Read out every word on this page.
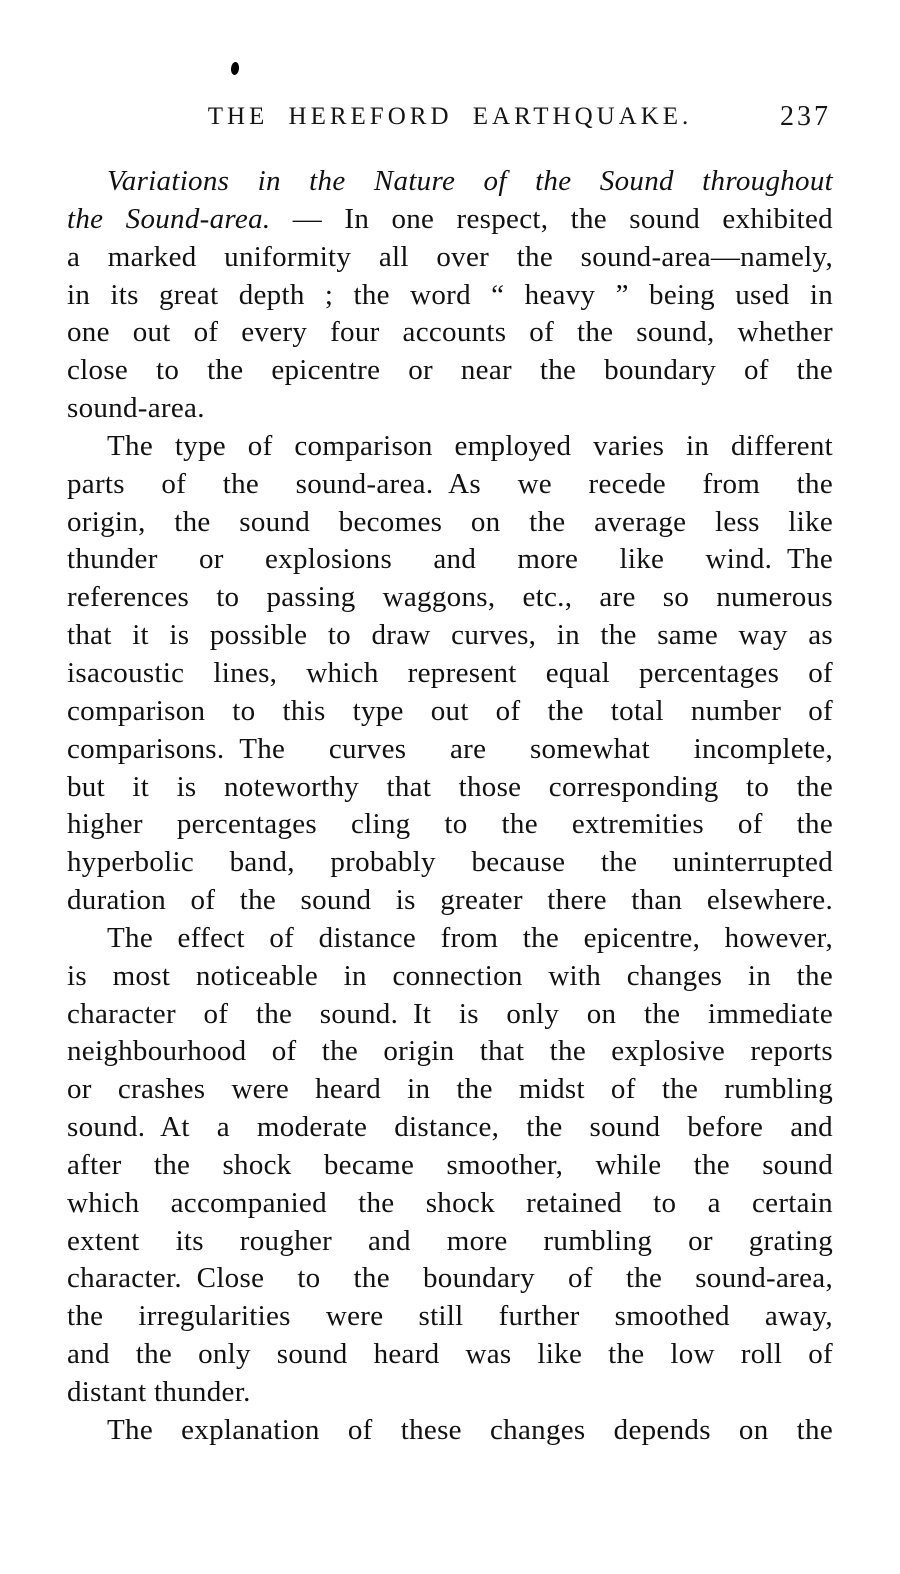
THE HEREFORD EARTHQUAKE.	237
Variations in the Nature of the Sound throughout
the Sound-area. — In one respect, the sound exhibited
a marked uniformity all over the sound-area—namely,
in its great depth ; the word “ heavy ” being used in
one out of every four accounts of the sound, whether
close to the epicentre or near the boundary of the
sound-area.
The type of comparison employed varies in different
parts of the sound-area. As we recede from the
origin, the sound becomes on the average less like
thunder or explosions and more like wind. The
references to passing waggons, etc., are so numerous
that it is possible to draw curves, in the same way as
isacoustic lines, which represent equal percentages of
comparison to this type out of the total number of
comparisons. The curves are somewhat incomplete,
but it is noteworthy that those corresponding to the
higher percentages cling to the extremities of the
hyperbolic band, probably because the uninterrupted
duration of the sound is greater there than elsewhere.
The effect of distance from the epicentre, however,
is most noticeable in connection with changes in the
character of the sound. It is only on the immediate
neighbourhood of the origin that the explosive reports
or crashes were heard in the midst of the rumbling
sound. At a moderate distance, the sound before and
after the shock became smoother, while the sound
which accompanied the shock retained to a certain
extent its rougher and more rumbling or grating
character. Close to the boundary of the sound-area,
the irregularities were still further smoothed away,
and the only sound heard was like the low roll of
distant thunder.
The explanation of these changes depends on the
